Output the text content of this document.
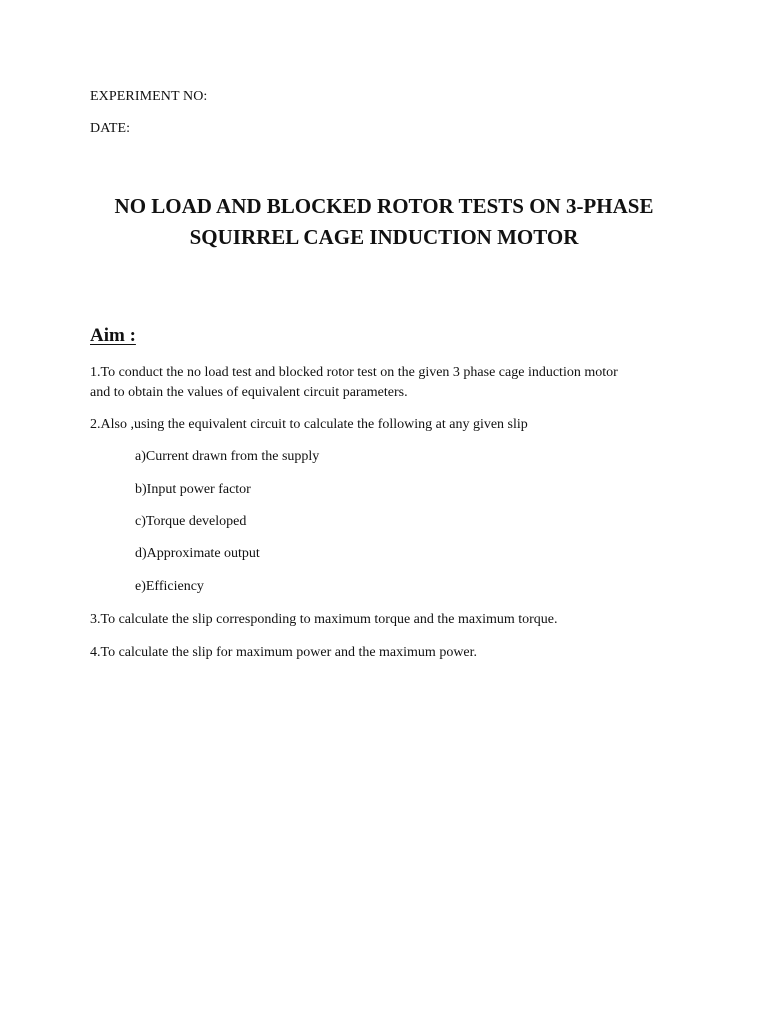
EXPERIMENT NO:
DATE:
NO LOAD AND BLOCKED ROTOR TESTS ON 3-PHASE
SQUIRREL CAGE INDUCTION MOTOR
Aim :
1.To conduct the no load test and blocked rotor test on the given 3 phase cage induction motor
and to obtain the values of equivalent circuit parameters.
2.Also ,using the equivalent circuit to calculate the following at any given slip
a)Current drawn from the supply
b)Input power factor
c)Torque developed
d)Approximate output
e)Efficiency
3.To calculate the slip corresponding to maximum torque and the maximum torque.
4.To calculate the slip for maximum power and the maximum power.
